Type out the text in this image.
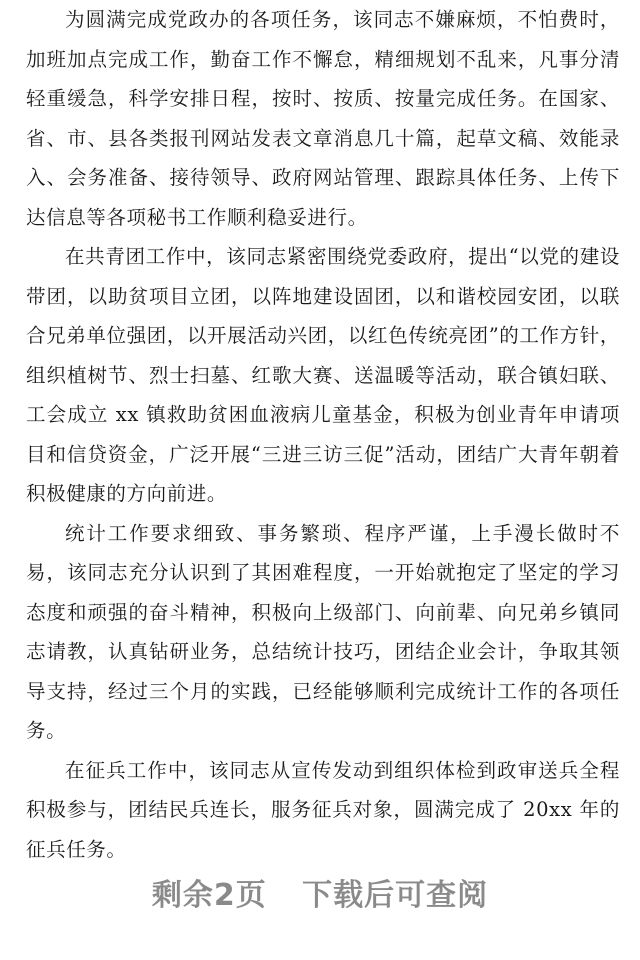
为圆满完成党政办的各项任务，该同志不嫌麻烦，不怕费时，加班加点完成工作，勤奋工作不懈怠，精细规划不乱来，凡事分清轻重缓急，科学安排日程，按时、按质、按量完成任务。在国家、省、市、县各类报刊网站发表文章消息几十篇，起草文稿、效能录入、会务准备、接待领导、政府网站管理、跟踪具体任务、上传下达信息等各项秘书工作顺利稳妥进行。

在共青团工作中，该同志紧密围绕党委政府，提出“以党的建设带团，以助贫项目立团，以阵地建设固团，以和谐校园安团，以联合兄弟单位强团，以开展活动兴团，以红色传统亮团”的工作方针，组织植树节、烈士扫墓、红歌大赛、送温暖等活动，联合镇妇联、工会成立 xx 镇救助贫困血液病儿童基金，积极为创业青年申请项目和信贷资金，广泛开展“三进三访三促”活动，团结广大青年朝着积极健康的方向前进。

统计工作要求细致、事务繁琐、程序严谨，上手漫长做时不易，该同志充分认识到了其困难程度，一开始就抱定了坚定的学习态度和顽强的奋斗精神，积极向上级部门、向前辈、向兄弟乡镇同志请教，认真钻研业务，总结统计技巧，团结企业会计，争取其领导支持，经过三个月的实践，已经能够顺利完成统计工作的各项任务。

在征兵工作中，该同志从宣传发动到组织体检到政审送兵全程积极参与，团结民兵连长，服务征兵对象，圆满完成了 20xx 年的征兵任务。

剩余2页 下载后可查阅
